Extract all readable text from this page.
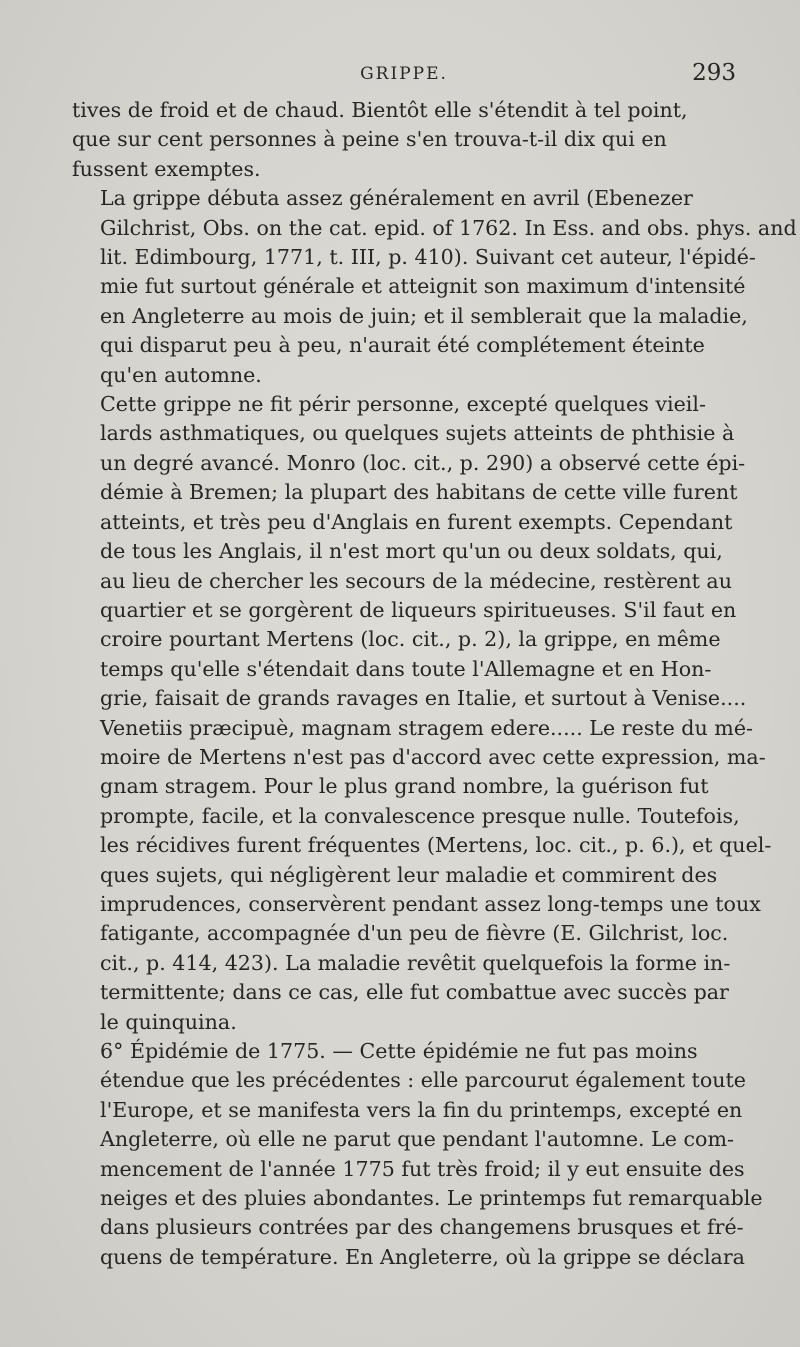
GRIPPE.	293

tives de froid et de chaud. Bientôt elle s'étendit à tel point,
que sur cent personnes à peine s'en trouva-t-il dix qui en
fussent exemptes.

La grippe débuta assez généralement en avril (Ebenezer
Gilchrist, Obs. on the cat. epid. of 1762. In Ess. and obs. phys. and
lit. Edimbourg, 1771, t. III, p. 410). Suivant cet auteur, l'épidé-
mie fut surtout générale et atteignit son maximum d'intensité
en Angleterre au mois de juin; et il semblerait que la maladie,
qui disparut peu à peu, n'aurait été complétement éteinte
qu'en automne.

Cette grippe ne fit périr personne, excepté quelques vieil-
lards asthmatiques, ou quelques sujets atteints de phthisie à
un degré avancé. Monro (loc. cit., p. 290) a observé cette épi-
démie à Bremen; la plupart des habitans de cette ville furent
atteints, et très peu d'Anglais en furent exempts. Cependant
de tous les Anglais, il n'est mort qu'un ou deux soldats, qui,
au lieu de chercher les secours de la médecine, restèrent au
quartier et se gorgèrent de liqueurs spiritueuses. S'il faut en
croire pourtant Mertens (loc. cit., p. 2), la grippe, en même
temps qu'elle s'étendait dans toute l'Allemagne et en Hon-
grie, faisait de grands ravages en Italie, et surtout à Venise....
Venetiis præcipuè, magnam stragem edere..... Le reste du mé-
moire de Mertens n'est pas d'accord avec cette expression, ma-
gnam stragem. Pour le plus grand nombre, la guérison fut
prompte, facile, et la convalescence presque nulle. Toutefois,
les récidives furent fréquentes (Mertens, loc. cit., p. 6.), et quel-
ques sujets, qui négligèrent leur maladie et commirent des
imprudences, conservèrent pendant assez long-temps une toux
fatigante, accompagnée d'un peu de fièvre (E. Gilchrist, loc.
cit., p. 414, 423). La maladie revêtit quelquefois la forme in-
termittente; dans ce cas, elle fut combattue avec succès par
le quinquina.

6° Épidémie de 1775. — Cette épidémie ne fut pas moins
étendue que les précédentes : elle parcourut également toute
l'Europe, et se manifesta vers la fin du printemps, excepté en
Angleterre, où elle ne parut que pendant l'automne. Le com-
mencement de l'année 1775 fut très froid; il y eut ensuite des
neiges et des pluies abondantes. Le printemps fut remarquable
dans plusieurs contrées par des changemens brusques et fré-
quens de température. En Angleterre, où la grippe se déclara
